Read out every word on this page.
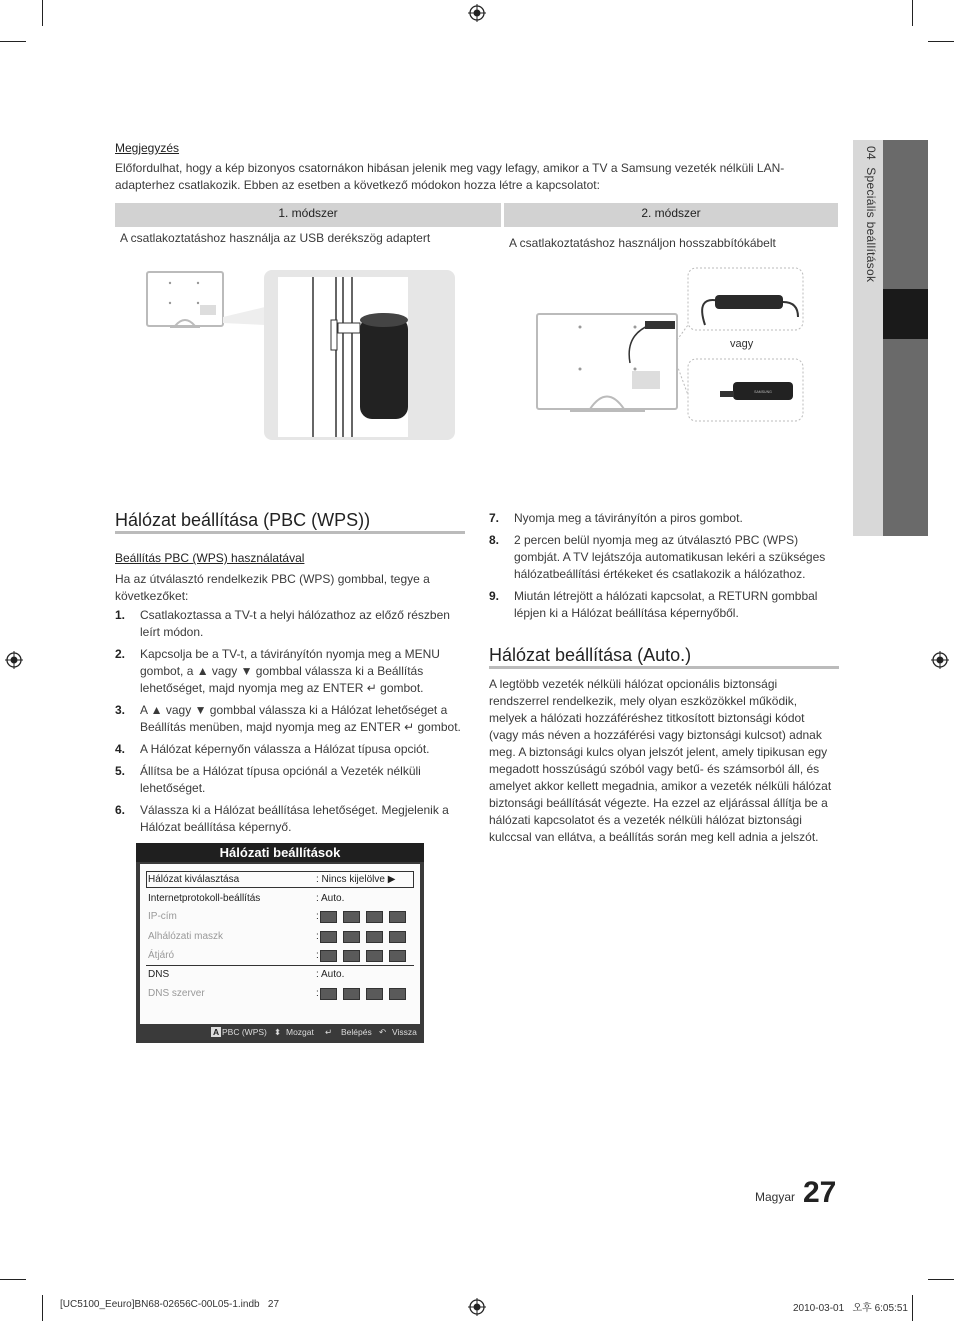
04  Speciális beállítások
Megjegyzés
Előfordulhat, hogy a kép bizonyos csatornákon hibásan jelenik meg vagy lefagy, amikor a TV a Samsung vezeték nélküli LAN-adapterhez csatlakozik. Ebben az esetben a következő módokon hozza létre a kapcsolatot:
1. módszer	2. módszer
A csatlakoztatáshoz használja az USB derékszög adaptert	A csatlakoztatáshoz használjon hosszabbítókábelt
SAMSUNG
vagy
Hálózat beállítása (PBC (WPS))
Beállítás PBC (WPS) használatával
Ha az útválasztó rendelkezik PBC (WPS) gombbal, tegye a következőket:
1. Csatlakoztassa a TV-t a helyi hálózathoz az előző részben leírt módon.
2. Kapcsolja be a TV-t, a távirányítón nyomja meg a MENU gombot, a ▲ vagy ▼ gombbal válassza ki a Beállítás lehetőséget, majd nyomja meg az ENTER ↵ gombot.
3. A ▲ vagy ▼ gombbal válassza ki a Hálózat lehetőséget a Beállítás menüben, majd nyomja meg az ENTER ↵ gombot.
4. A Hálózat képernyőn válassza a Hálózat típusa opciót.
5. Állítsa be a Hálózat típusa opciónál a Vezeték nélküli lehetőséget.
6. Válassza ki a Hálózat beállítása lehetőséget. Megjelenik a Hálózat beállítása képernyő.
Hálózati beállítások
Hálózat kiválasztása	: Nincs kijelölve ▶
Internetprotokoll-beállítás	: Auto.
IP-cím	:
Alhálózati maszk	:
Átjáró	:
DNS	: Auto.
DNS szerver	:
A PBC (WPS) ⬍ Mozgat ↵ Belépés ↶ Vissza
7. Nyomja meg a távirányítón a piros gombot.
8. 2 percen belül nyomja meg az útválasztó PBC (WPS) gombját. A TV lejátszója automatikusan lekéri a szükséges hálózatbeállítási értékeket és csatlakozik a hálózathoz.
9. Miután létrejött a hálózati kapcsolat, a RETURN gombbal lépjen ki a Hálózat beállítása képernyőből.
Hálózat beállítása (Auto.)
A legtöbb vezeték nélküli hálózat opcionális biztonsági rendszerrel rendelkezik, mely olyan eszközökkel működik, melyek a hálózati hozzáféréshez titkosított biztonsági kódot (vagy más néven a hozzáférési vagy biztonsági kulcsot) adnak meg. A biztonsági kulcs olyan jelszót jelent, amely tipikusan egy megadott hosszúságú szóból vagy betű- és számsorból áll, és amelyet akkor kellett megadnia, amikor a vezeték nélküli hálózat biztonsági beállítását végezte. Ha ezzel az eljárással állítja be a hálózati kapcsolatot és a vezeték nélküli hálózat biztonsági kulccsal van ellátva, a beállítás során meg kell adnia a jelszót.
Magyar 27
[UC5100_Eeuro]BN68-02656C-00L05-1.indb   27	2010-03-01   오후 6:05:51
